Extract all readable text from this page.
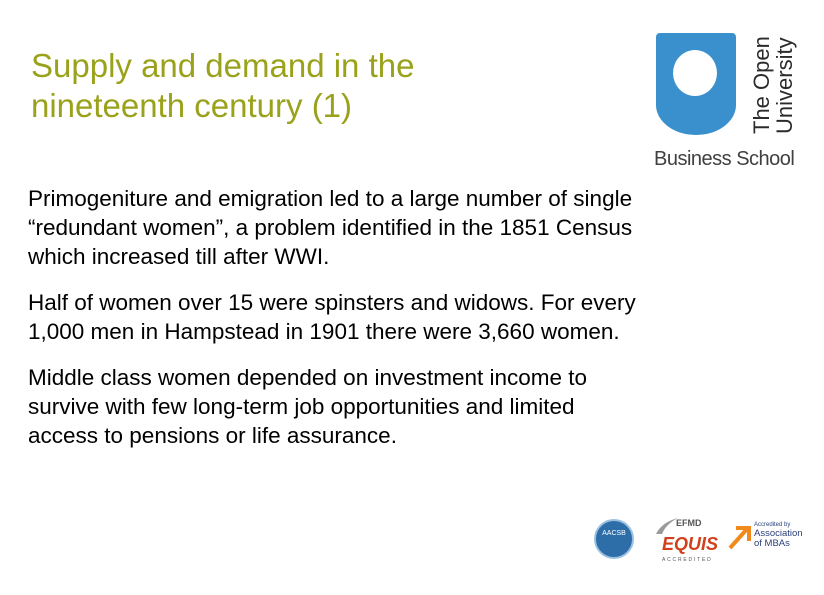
Supply and demand in the
nineteenth century (1)	The Open
University
Business School

Primogeniture and emigration led to a large number of single
“redundant women”, a problem identified in the 1851 Census
which increased till after WWI.

Half of women over 15 were spinsters and widows. For every
1,000 men in Hampstead in 1901 there were 3,660 women.

Middle class women depended on investment income to
survive with few long-term job opportunities and limited
access to pensions or life assurance.

AACSB
EFMD
EQUIS
ACCREDITED
Accredited by
Association
of MBAs
